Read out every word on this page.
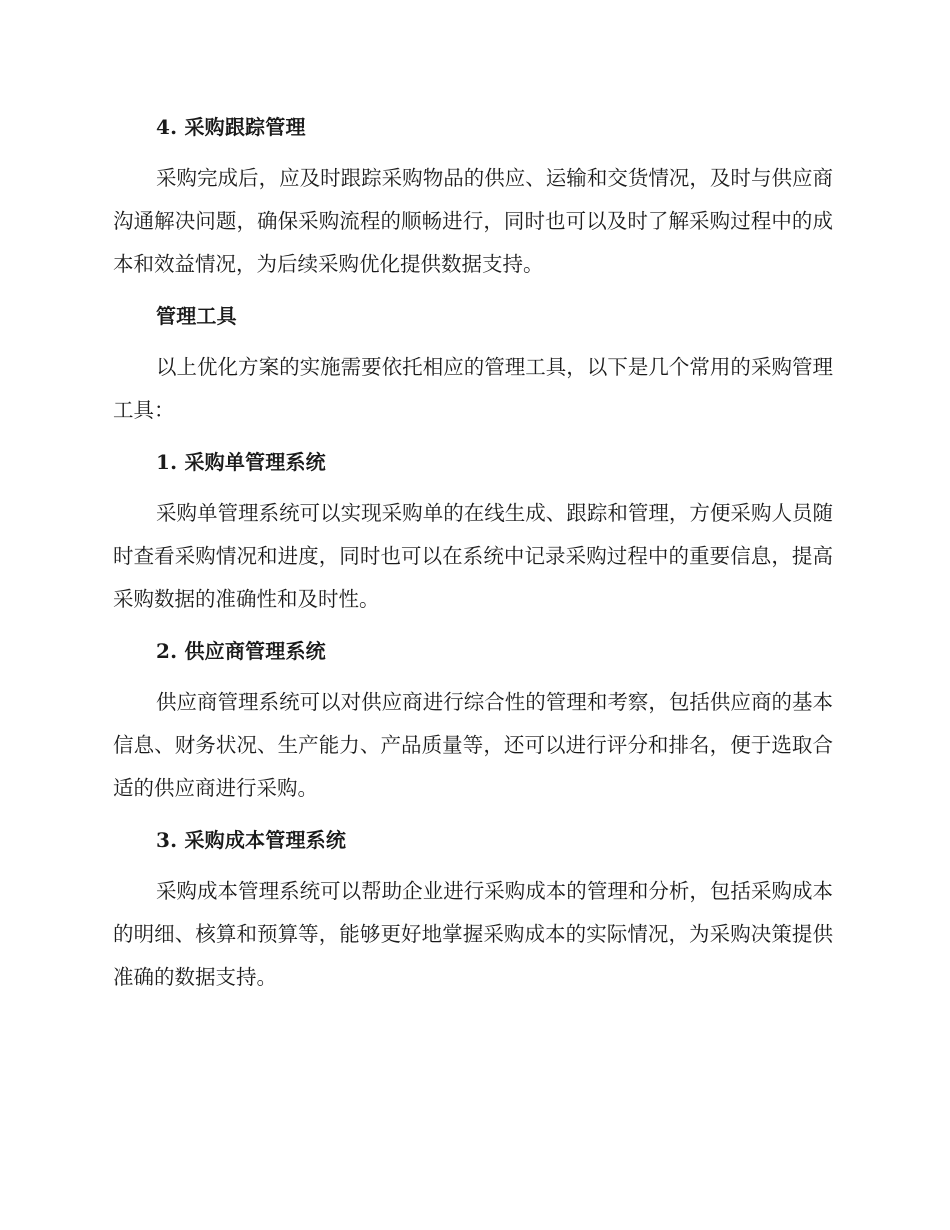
4. 采购跟踪管理

采购完成后，应及时跟踪采购物品的供应、运输和交货情况，及时与供应商沟通解决问题，确保采购流程的顺畅进行，同时也可以及时了解采购过程中的成本和效益情况，为后续采购优化提供数据支持。

管理工具

以上优化方案的实施需要依托相应的管理工具，以下是几个常用的采购管理工具：

1. 采购单管理系统

采购单管理系统可以实现采购单的在线生成、跟踪和管理，方便采购人员随时查看采购情况和进度，同时也可以在系统中记录采购过程中的重要信息，提高采购数据的准确性和及时性。

2. 供应商管理系统

供应商管理系统可以对供应商进行综合性的管理和考察，包括供应商的基本信息、财务状况、生产能力、产品质量等，还可以进行评分和排名，便于选取合适的供应商进行采购。

3. 采购成本管理系统

采购成本管理系统可以帮助企业进行采购成本的管理和分析，包括采购成本的明细、核算和预算等，能够更好地掌握采购成本的实际情况，为采购决策提供准确的数据支持。
